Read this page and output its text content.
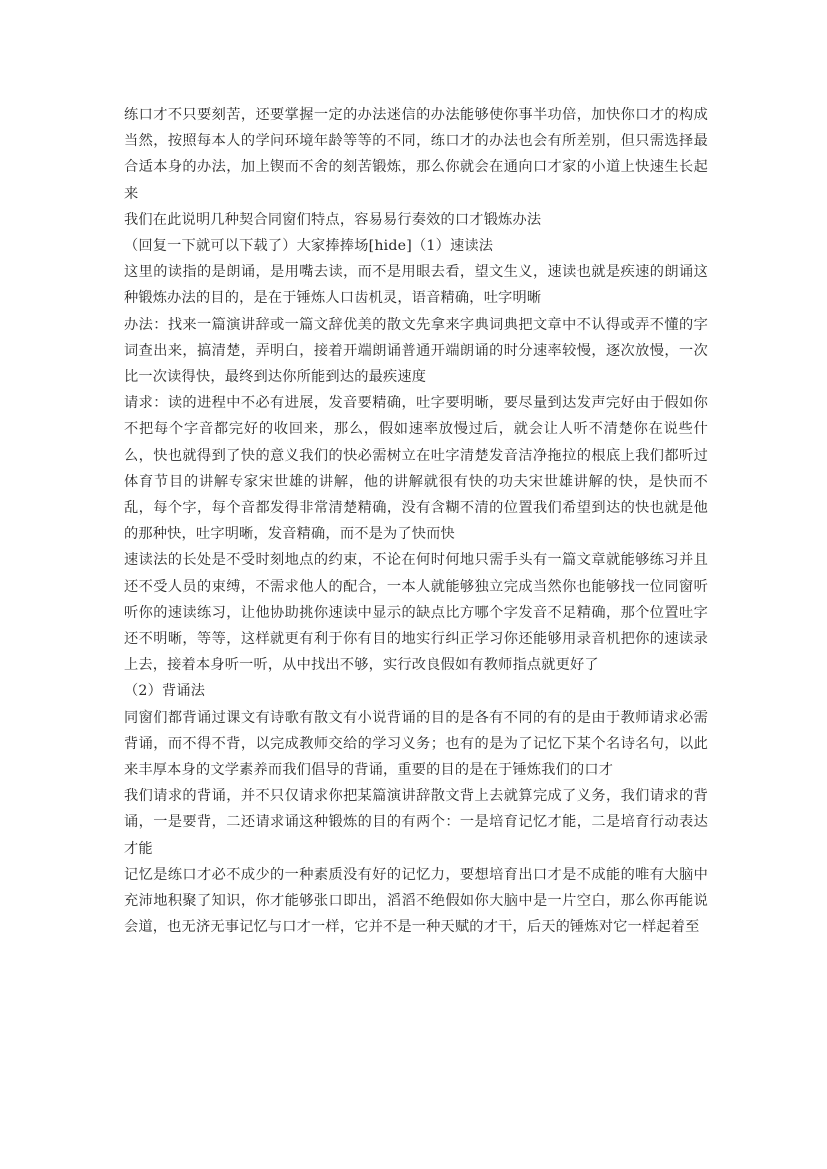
练口才不只要刻苦，还要掌握一定的办法迷信的办法能够使你事半功倍，加快你口才的构成当然，按照每本人的学问环境年龄等等的不同，练口才的办法也会有所差别，但只需选择最合适本身的办法，加上锲而不舍的刻苦锻炼，那么你就会在通向口才家的小道上快速生长起来

我们在此说明几种契合同窗们特点，容易易行奏效的口才锻炼办法

（回复一下就可以下载了）大家捧捧场[hide]（1）速读法

这里的读指的是朗诵，是用嘴去读，而不是用眼去看，望文生义，速读也就是疾速的朗诵这种锻炼办法的目的，是在于锤炼人口齿机灵，语音精确，吐字明晰

办法：找来一篇演讲辞或一篇文辞优美的散文先拿来字典词典把文章中不认得或弄不懂的字词查出来，搞清楚，弄明白，接着开端朗诵普通开端朗诵的时分速率较慢，逐次放慢，一次比一次读得快，最终到达你所能到达的最疾速度

请求：读的进程中不必有进展，发音要精确，吐字要明晰，要尽量到达发声完好由于假如你不把每个字音都完好的收回来，那么，假如速率放慢过后，就会让人听不清楚你在说些什么，快也就得到了快的意义我们的快必需树立在吐字清楚发音洁净拖拉的根底上我们都听过体育节目的讲解专家宋世雄的讲解，他的讲解就很有快的功夫宋世雄讲解的快，是快而不乱，每个字，每个音都发得非常清楚精确，没有含糊不清的位置我们希望到达的快也就是他的那种快，吐字明晰，发音精确，而不是为了快而快

速读法的长处是不受时刻地点的约束，不论在何时何地只需手头有一篇文章就能够练习并且还不受人员的束缚，不需求他人的配合，一本人就能够独立完成当然你也能够找一位同窗听听你的速读练习，让他协助挑你速读中显示的缺点比方哪个字发音不足精确，那个位置吐字还不明晰，等等，这样就更有利于你有目的地实行纠正学习你还能够用录音机把你的速读录上去，接着本身听一听，从中找出不够，实行改良假如有教师指点就更好了

（2）背诵法

同窗们都背诵过课文有诗歌有散文有小说背诵的目的是各有不同的有的是由于教师请求必需背诵，而不得不背，以完成教师交给的学习义务；也有的是为了记忆下某个名诗名句，以此来丰厚本身的文学素养而我们倡导的背诵，重要的目的是在于锤炼我们的口才

我们请求的背诵，并不只仅请求你把某篇演讲辞散文背上去就算完成了义务，我们请求的背诵，一是要背，二还请求诵这种锻炼的目的有两个：一是培育记忆才能，二是培育行动表达才能

记忆是练口才必不成少的一种素质没有好的记忆力，要想培育出口才是不成能的唯有大脑中充沛地积聚了知识，你才能够张口即出，滔滔不绝假如你大脑中是一片空白，那么你再能说会道，也无济无事记忆与口才一样，它并不是一种天赋的才干，后天的锤炼对它一样起着至
